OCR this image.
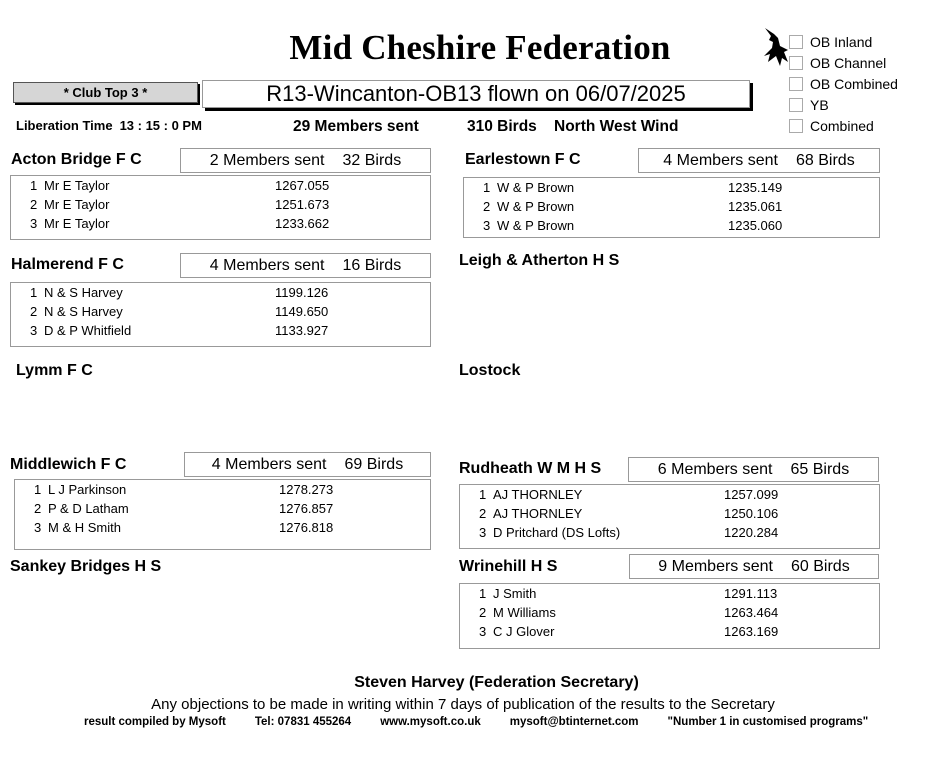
Mid Cheshire Federation	OB Inland
OB Channel
OB Combined
YB
Combined
* Club Top 3 *	R13-Wincanton-OB13 flown on 06/07/2025
Liberation Time 13 : 15 : 0 PM	29 Members sent	310 Birds North West Wind
Acton Bridge F C	2 Members sent 32 Birds
1 Mr E Taylor	1267.055
2 Mr E Taylor	1251.673
3 Mr E Taylor	1233.662
Earlestown F C	4 Members sent 68 Birds
1 W & P Brown	1235.149
2 W & P Brown	1235.061
3 W & P Brown	1235.060
Halmerend F C	4 Members sent 16 Birds
1 N & S Harvey	1199.126
2 N & S Harvey	1149.650
3 D & P Whitfield	1133.927
Leigh & Atherton H S
Lymm F C	Lostock
Middlewich F C	4 Members sent 69 Birds
1 L J Parkinson	1278.273
2 P & D Latham	1276.857
3 M & H Smith	1276.818
Rudheath W M H S	6 Members sent 65 Birds
1 AJ THORNLEY	1257.099
2 AJ THORNLEY	1250.106
3 D Pritchard (DS Lofts)	1220.284
Sankey Bridges H S	Wrinehill H S	9 Members sent 60 Birds
1 J Smith	1291.113
2 M Williams	1263.464
3 C J Glover	1263.169
Steven Harvey (Federation Secretary)
Any objections to be made in writing within 7 days of publication of the results to the Secretary
result compiled by Mysoft	Tel: 07831 455264	www.mysoft.co.uk	mysoft@btinternet.com	"Number 1 in customised programs"
